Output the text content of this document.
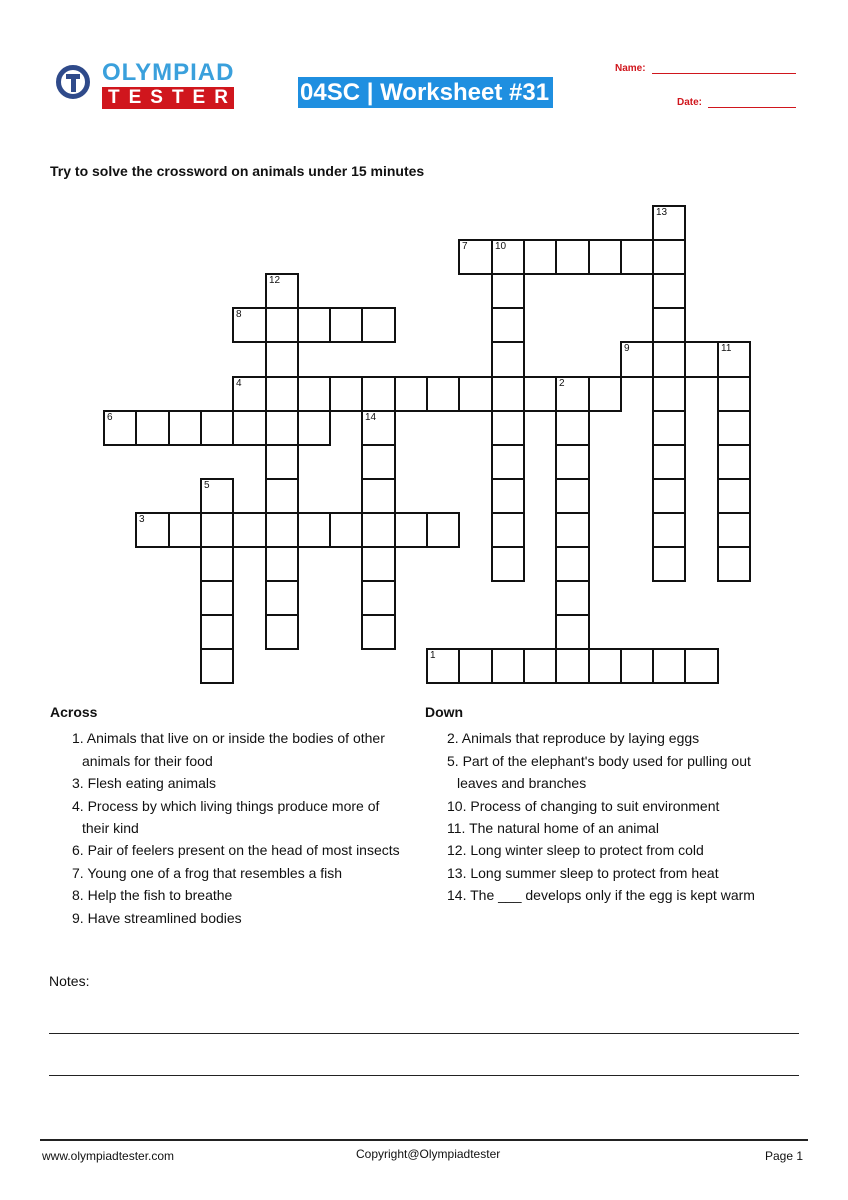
OLYMPIAD
TESTER	04SC | Worksheet #31
Name:
Date:
Try to solve the crossword on animals under 15 minutes
1
2
3
4
5
6
7	10
8
9	11
12
13
14
Across
1. Animals that live on or inside the bodies of other animals for their food
3. Flesh eating animals
4. Process by which living things produce more of their kind
6. Pair of feelers present on the head of most insects
7. Young one of a frog that resembles a fish
8. Help the fish to breathe
9. Have streamlined bodies
Down
2. Animals that reproduce by laying eggs
5. Part of the elephant's body used for pulling out leaves and branches
10. Process of changing to suit environment
11. The natural home of an animal
12. Long winter sleep to protect from cold
13. Long summer sleep to protect from heat
14. The ___ develops only if the egg is kept warm
Notes:
www.olympiadtester.com	Copyright@Olympiadtester	Page 1
